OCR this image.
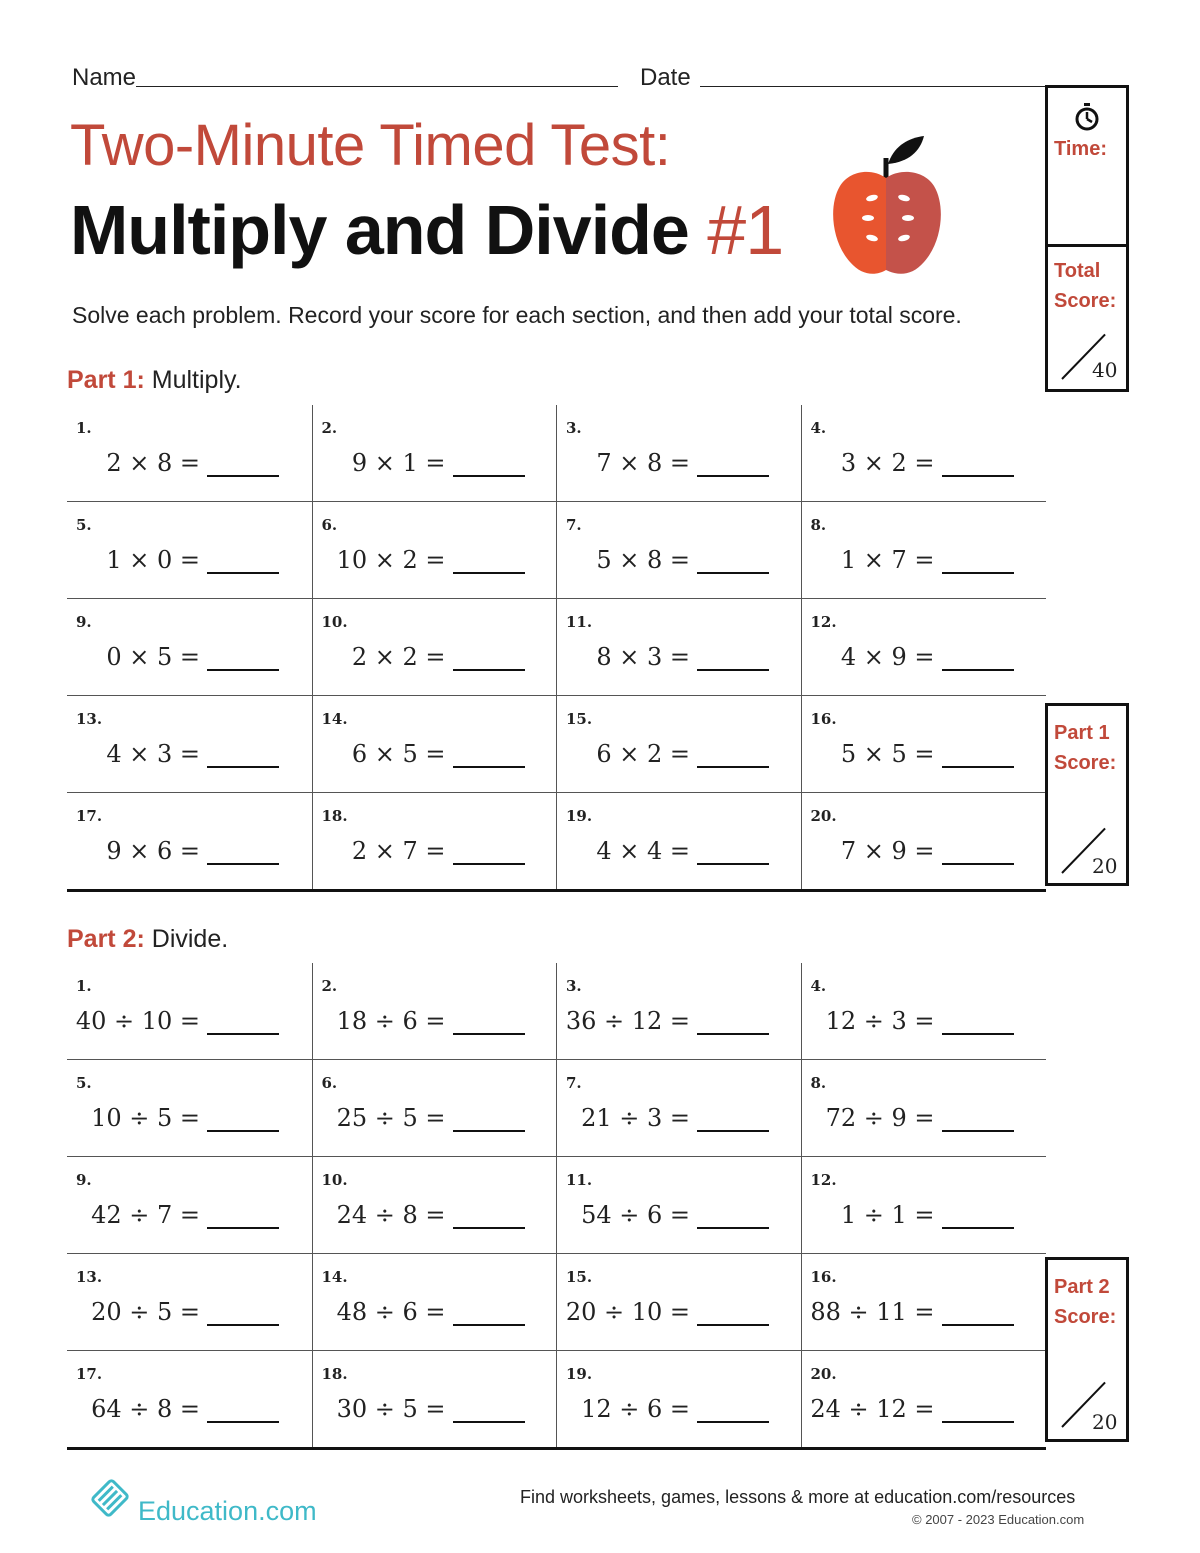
Name	Date
Two-Minute Timed Test:
Multiply and Divide #1
Solve each problem. Record your score for each section, and then add your total score.
Time:
Total
Score:
40
Part 1: Multiply.
1.
2 × 8 =
2.
9 × 1 =
3.
7 × 8 =
4.
3 × 2 =
5.
1 × 0 =
6.
10 × 2 =
7.
5 × 8 =
8.
1 × 7 =
9.
0 × 5 =
10.
2 × 2 =
11.
8 × 3 =
12.
4 × 9 =
13.
4 × 3 =
14.
6 × 5 =
15.
6 × 2 =
16.
5 × 5 =
17.
9 × 6 =
18.
2 × 7 =
19.
4 × 4 =
20.
7 × 9 =
Part 1
Score:
20
Part 2: Divide.
1.
40 ÷ 10 =
2.
18 ÷ 6 =
3.
36 ÷ 12 =
4.
12 ÷ 3 =
5.
10 ÷ 5 =
6.
25 ÷ 5 =
7.
21 ÷ 3 =
8.
72 ÷ 9 =
9.
42 ÷ 7 =
10.
24 ÷ 8 =
11.
54 ÷ 6 =
12.
1 ÷ 1 =
13.
20 ÷ 5 =
14.
48 ÷ 6 =
15.
20 ÷ 10 =
16.
88 ÷ 11 =
17.
64 ÷ 8 =
18.
30 ÷ 5 =
19.
12 ÷ 6 =
20.
24 ÷ 12 =
Part 2
Score:
20
Education.com	Find worksheets, games, lessons & more at education.com/resources
© 2007 - 2023 Education.com
